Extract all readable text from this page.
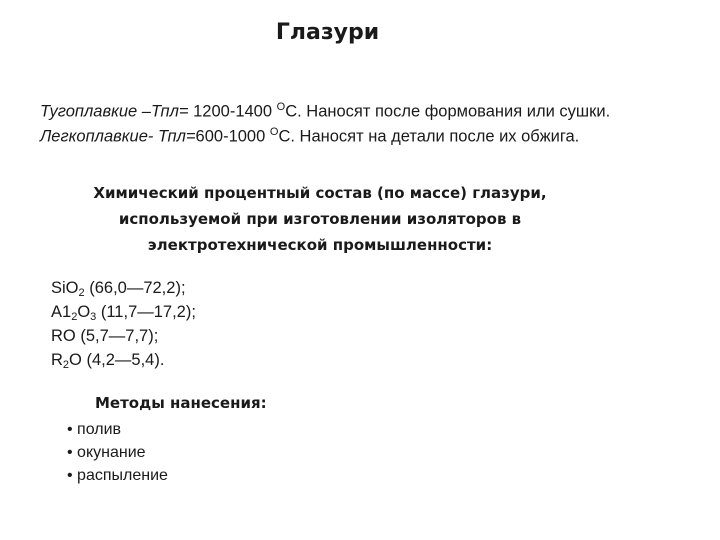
Глазури
Тугоплавкие –Тпл= 1200-1400 $^О$С. Наносят после формования или сушки.
Легкоплавкие- Тпл=600-1000 $^О$С. Наносят на детали после их обжига.
Химический процентный состав (по массе) глазури,
используемой при изготовлении изоляторов в
электротехнической промышленности:
SiO$_2$ (66,0—72,2);
$A1_2O_3$ (11,7—17,2);
RO (5,7—7,7);
$R_2O$ (4,2—5,4).
Методы нанесения:
• полив
• окунание
• распыление
